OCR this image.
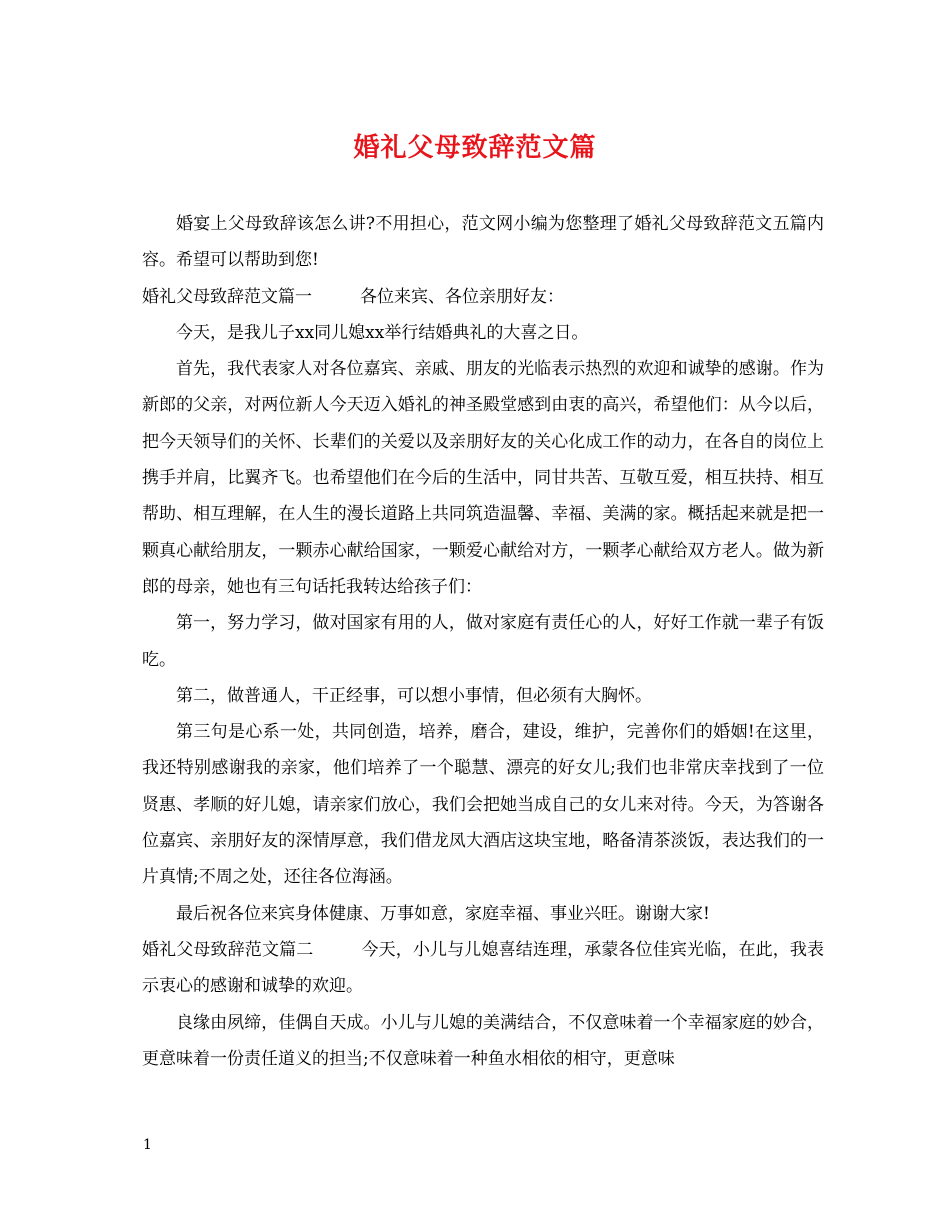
婚礼父母致辞范文篇

婚宴上父母致辞该怎么讲?不用担心，范文网小编为您整理了婚礼父母致辞范文五篇内容。希望可以帮助到您!

婚礼父母致辞范文篇一	各位来宾、各位亲朋好友：

今天，是我儿子xx同儿媳xx举行结婚典礼的大喜之日。

首先，我代表家人对各位嘉宾、亲戚、朋友的光临表示热烈的欢迎和诚挚的感谢。作为新郎的父亲，对两位新人今天迈入婚礼的神圣殿堂感到由衷的高兴，希望他们：从今以后，把今天领导们的关怀、长辈们的关爱以及亲朋好友的关心化成工作的动力，在各自的岗位上携手并肩，比翼齐飞。也希望他们在今后的生活中，同甘共苦、互敬互爱，相互扶持、相互帮助、相互理解，在人生的漫长道路上共同筑造温馨、幸福、美满的家。概括起来就是把一颗真心献给朋友，一颗赤心献给国家，一颗爱心献给对方，一颗孝心献给双方老人。做为新郎的母亲，她也有三句话托我转达给孩子们：

第一，努力学习，做对国家有用的人，做对家庭有责任心的人，好好工作就一辈子有饭吃。

第二，做普通人，干正经事，可以想小事情，但必须有大胸怀。

第三句是心系一处，共同创造，培养，磨合，建设，维护，完善你们的婚姻!在这里，我还特别感谢我的亲家，他们培养了一个聪慧、漂亮的好女儿;我们也非常庆幸找到了一位贤惠、孝顺的好儿媳，请亲家们放心，我们会把她当成自己的女儿来对待。今天，为答谢各位嘉宾、亲朋好友的深情厚意，我们借龙凤大酒店这块宝地，略备清茶淡饭，表达我们的一片真情;不周之处，还往各位海涵。

最后祝各位来宾身体健康、万事如意，家庭幸福、事业兴旺。谢谢大家!

婚礼父母致辞范文篇二	今天，小儿与儿媳喜结连理，承蒙各位佳宾光临，在此，我表示衷心的感谢和诚挚的欢迎。

良缘由夙缔，佳偶自天成。小儿与儿媳的美满结合，不仅意味着一个幸福家庭的妙合，更意味着一份责任道义的担当;不仅意味着一种鱼水相依的相守，更意味

1
